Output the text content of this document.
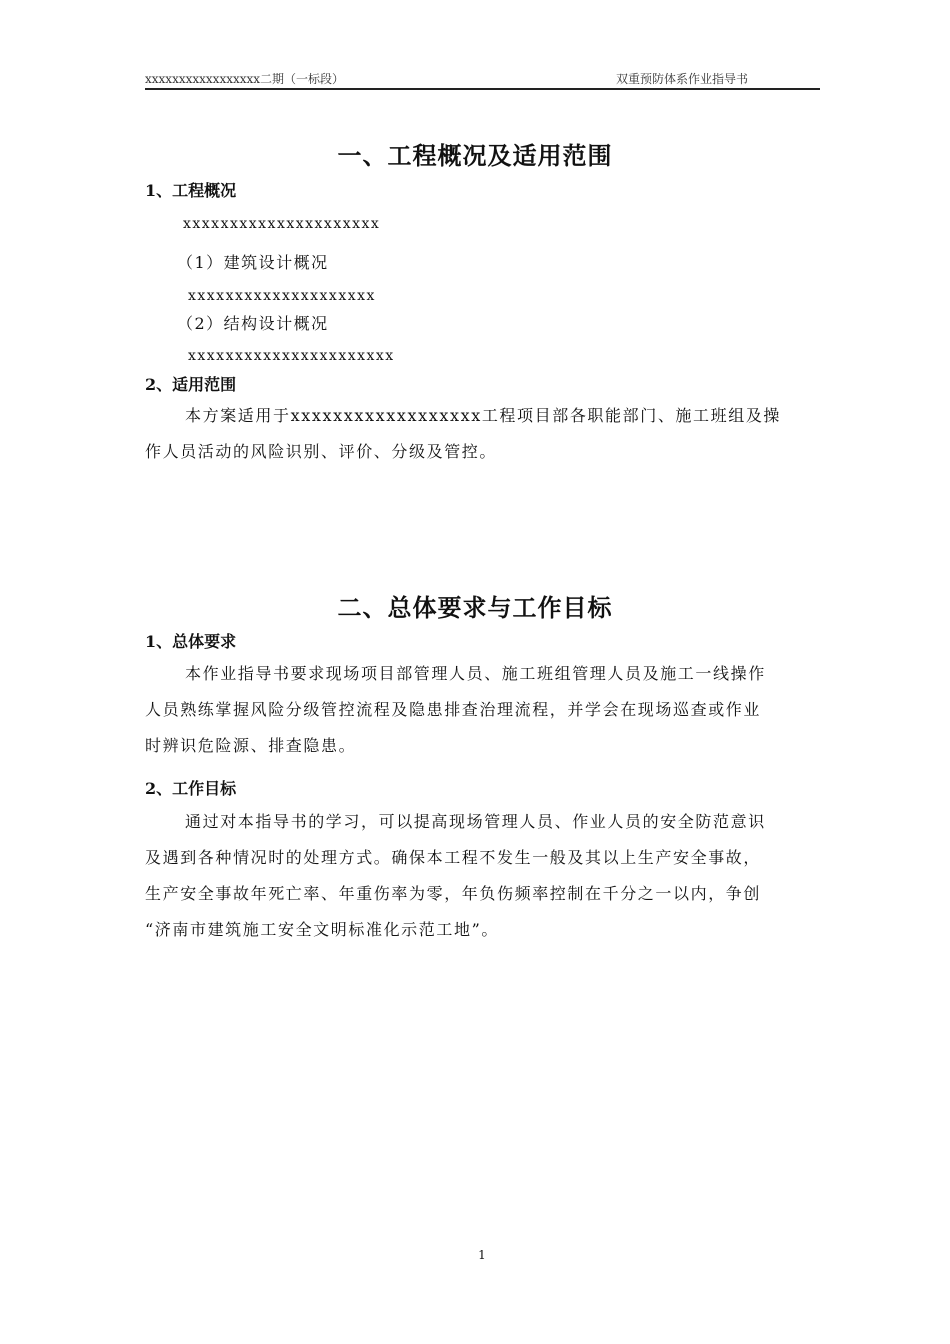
xxxxxxxxxxxxxxxxx二期（一标段）	双重预防体系作业指导书
一、工程概况及适用范围
1、工程概况
xxxxxxxxxxxxxxxxxxxxx
（1）建筑设计概况
xxxxxxxxxxxxxxxxxxxx
（2）结构设计概况
xxxxxxxxxxxxxxxxxxxxxx
2、适用范围
本方案适用于xxxxxxxxxxxxxxxxxx工程项目部各职能部门、施工班组及操
作人员活动的风险识别、评价、分级及管控。
二、总体要求与工作目标
1、总体要求
本作业指导书要求现场项目部管理人员、施工班组管理人员及施工一线操作
人员熟练掌握风险分级管控流程及隐患排查治理流程，并学会在现场巡查或作业
时辨识危险源、排查隐患。
2、工作目标
通过对本指导书的学习，可以提高现场管理人员、作业人员的安全防范意识
及遇到各种情况时的处理方式。确保本工程不发生一般及其以上生产安全事故，
生产安全事故年死亡率、年重伤率为零，年负伤频率控制在千分之一以内，争创
“济南市建筑施工安全文明标准化示范工地”。
1
